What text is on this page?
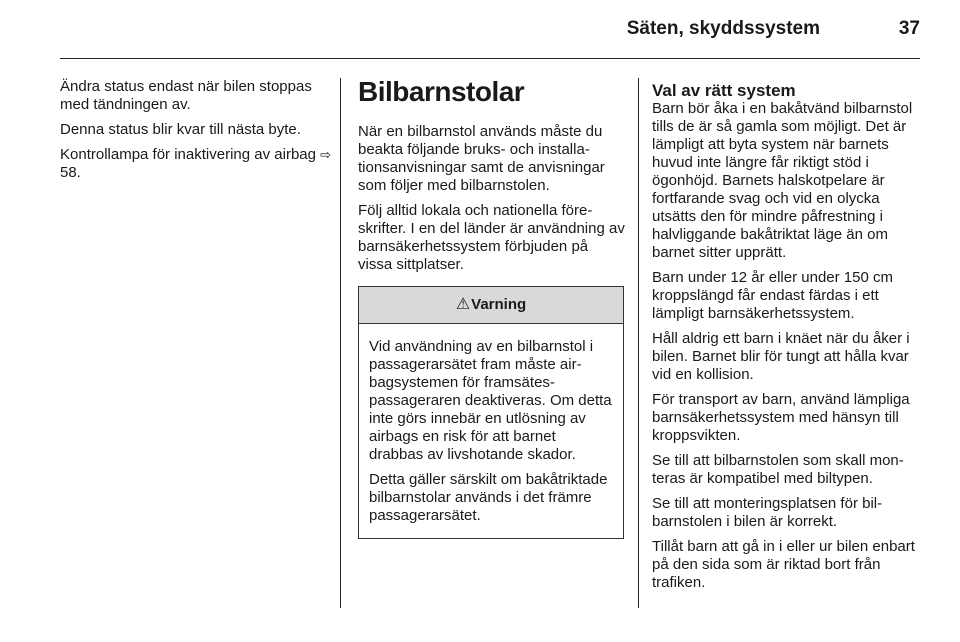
Säten, skyddssystem	37

Ändra status endast när bilen stoppas med tändningen av.

Denna status blir kvar till nästa byte.

Kontrollampa för inaktivering av airbag ⇨ 58.

Bilbarnstolar

När en bilbarnstol används måste du beakta följande bruks- och installationsanvisningar samt de anvisningar som följer med bilbarnstolen.

Följ alltid lokala och nationella föreskrifter. I en del länder är användning av barnsäkerhetssystem förbjuden på vissa sittplatser.

⚠ Varning

Vid användning av en bilbarnstol i passagerarsätet fram måste airbagsystemen för framsätespassageraren deaktiveras. Om detta inte görs innebär en utlösning av airbags en risk för att barnet drabbas av livshotande skador.

Detta gäller särskilt om bakåtriktade bilbarnstolar används i det främre passagerarsätet.

Val av rätt system

Barn bör åka i en bakåtvänd bilbarnstol tills de är så gamla som möjligt. Det är lämpligt att byta system när barnets huvud inte längre får riktigt stöd i ögonhöjd. Barnets halskotpelare är fortfarande svag och vid en olycka utsätts den för mindre påfrestning i halvliggande bakåtriktat läge än om barnet sitter upprätt.

Barn under 12 år eller under 150 cm kroppslängd får endast färdas i ett lämpligt barnsäkerhetssystem.

Håll aldrig ett barn i knäet när du åker i bilen. Barnet blir för tungt att hålla kvar vid en kollision.

För transport av barn, använd lämpliga barnsäkerhetssystem med hänsyn till kroppsvikten.

Se till att bilbarnstolen som skall monteras är kompatibel med biltypen.

Se till att monteringsplatsen för bilbarnstolen i bilen är korrekt.

Tillåt barn att gå in i eller ur bilen enbart på den sida som är riktad bort från trafiken.
